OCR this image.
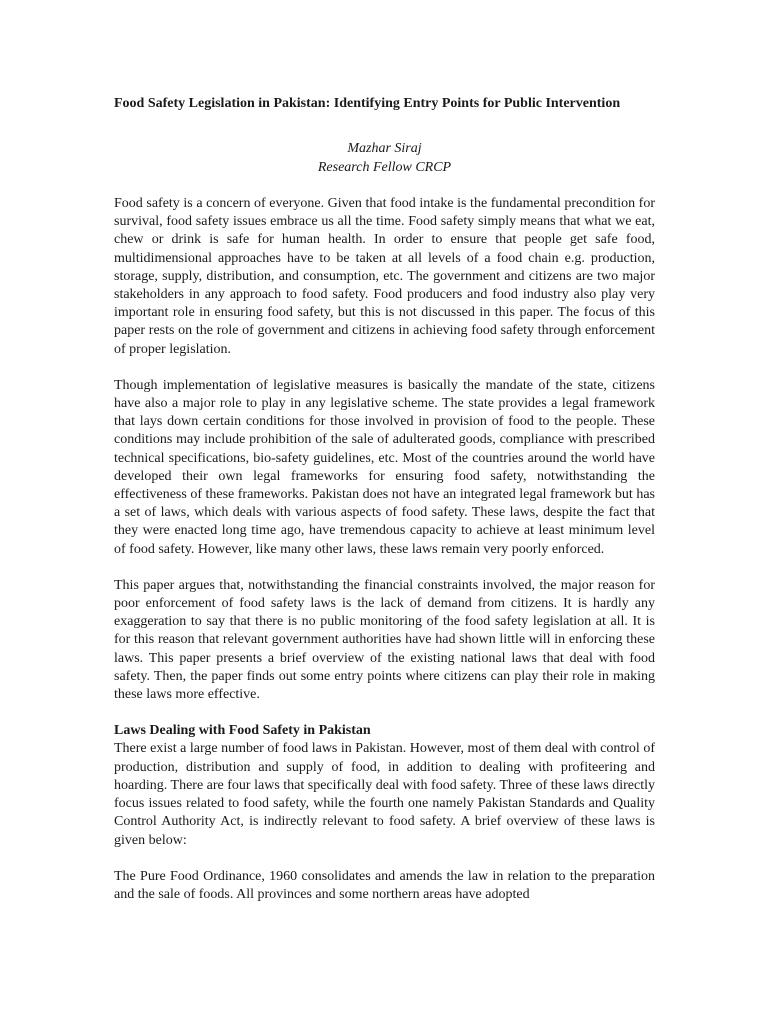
Food Safety Legislation in Pakistan: Identifying Entry Points for Public Intervention

Mazhar Siraj
Research Fellow CRCP

Food safety is a concern of everyone. Given that food intake is the fundamental precondition for survival, food safety issues embrace us all the time. Food safety simply means that what we eat, chew or drink is safe for human health. In order to ensure that people get safe food, multidimensional approaches have to be taken at all levels of a food chain e.g. production, storage, supply, distribution, and consumption, etc. The government and citizens are two major stakeholders in any approach to food safety. Food producers and food industry also play very important role in ensuring food safety, but this is not discussed in this paper. The focus of this paper rests on the role of government and citizens in achieving food safety through enforcement of proper legislation.

Though implementation of legislative measures is basically the mandate of the state, citizens have also a major role to play in any legislative scheme. The state provides a legal framework that lays down certain conditions for those involved in provision of food to the people. These conditions may include prohibition of the sale of adulterated goods, compliance with prescribed technical specifications, bio-safety guidelines, etc. Most of the countries around the world have developed their own legal frameworks for ensuring food safety, notwithstanding the effectiveness of these frameworks. Pakistan does not have an integrated legal framework but has a set of laws, which deals with various aspects of food safety. These laws, despite the fact that they were enacted long time ago, have tremendous capacity to achieve at least minimum level of food safety. However, like many other laws, these laws remain very poorly enforced.

This paper argues that, notwithstanding the financial constraints involved, the major reason for poor enforcement of food safety laws is the lack of demand from citizens. It is hardly any exaggeration to say that there is no public monitoring of the food safety legislation at all. It is for this reason that relevant government authorities have had shown little will in enforcing these laws. This paper presents a brief overview of the existing national laws that deal with food safety. Then, the paper finds out some entry points where citizens can play their role in making these laws more effective.

Laws Dealing with Food Safety in Pakistan

There exist a large number of food laws in Pakistan. However, most of them deal with control of production, distribution and supply of food, in addition to dealing with profiteering and hoarding. There are four laws that specifically deal with food safety. Three of these laws directly focus issues related to food safety, while the fourth one namely Pakistan Standards and Quality Control Authority Act, is indirectly relevant to food safety. A brief overview of these laws is given below:

The Pure Food Ordinance, 1960 consolidates and amends the law in relation to the preparation and the sale of foods. All provinces and some northern areas have adopted
